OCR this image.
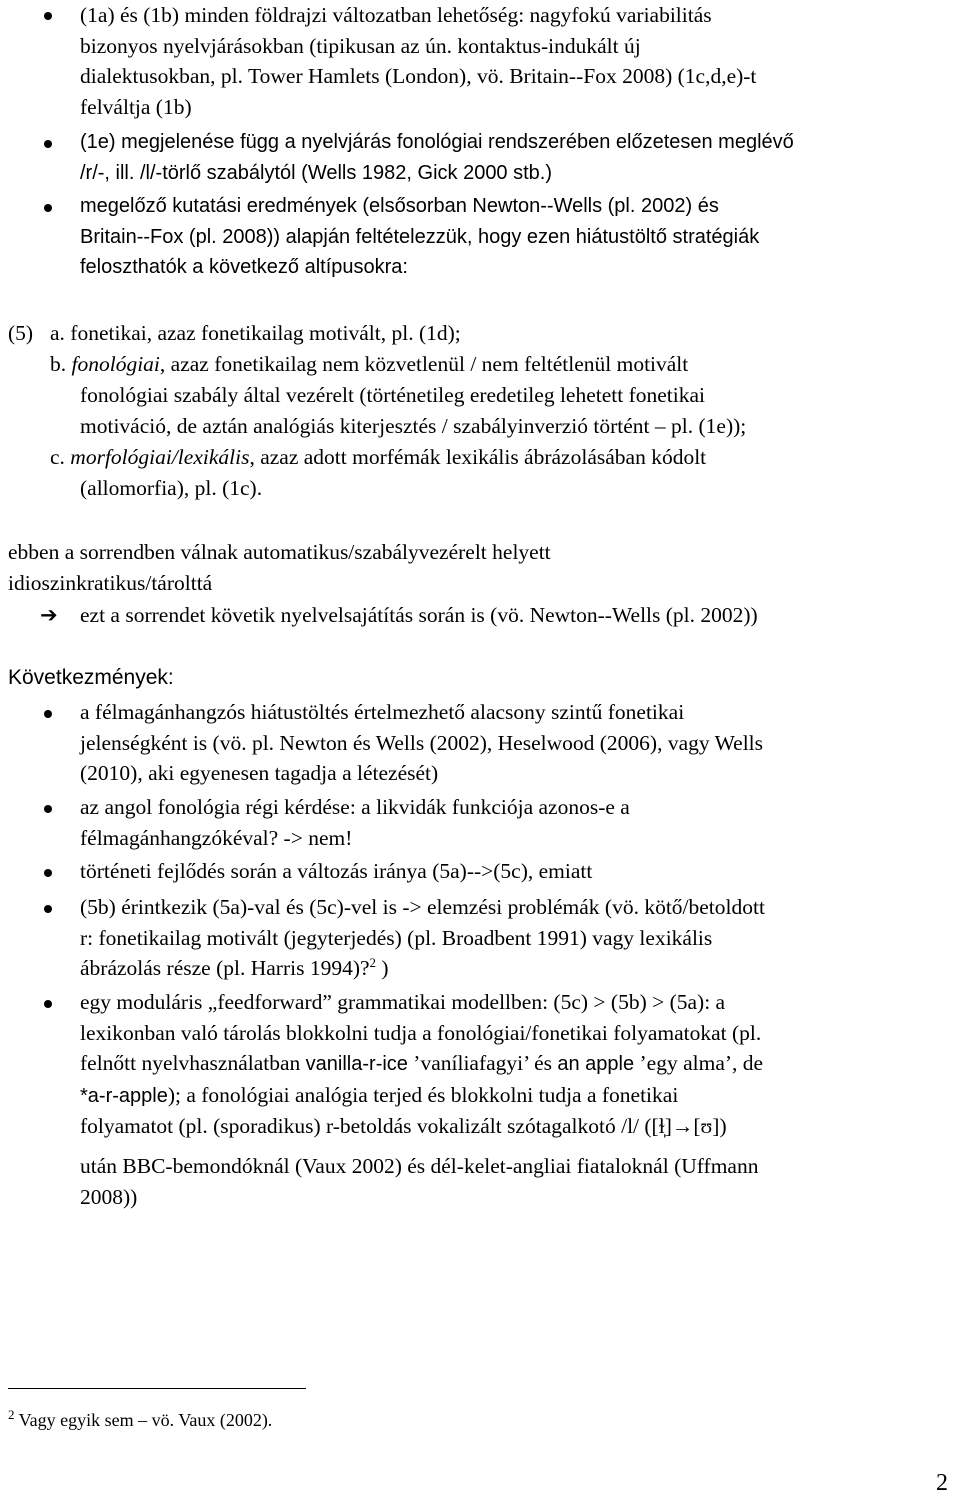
(1a) és (1b) minden földrajzi változatban lehetőség: nagyfokú variabilitás
bizonyos nyelvjárásokban (tipikusan az ún. kontaktus-indukált új
dialektusokban, pl. Tower Hamlets (London), vö. Britain--Fox 2008) (1c,d,e)-t
felváltja (1b)

(1e) megjelenése függ a nyelvjárás fonológiai rendszerében előzetesen meglévő
/r/-, ill. /l/-törlő szabálytól (Wells 1982, Gick 2000 stb.)

megelőző kutatási eredmények (elsősorban Newton--Wells (pl. 2002) és
Britain--Fox (pl. 2008)) alapján feltételezzük, hogy ezen hiátustöltő stratégiák
feloszthatók a következő altípusokra:

(5) a. fonetikai, azaz fonetikailag motivált, pl. (1d);

b. fonológiai, azaz fonetikailag nem közvetlenül / nem feltétlenül motivált

fonológiai szabály által vezérelt (történetileg eredetileg lehetett fonetikai

motiváció, de aztán analógiás kiterjesztés / szabályinverzió történt – pl. (1e));

c. morfológiai/lexikális, azaz adott morfémák lexikális ábrázolásában kódolt

(allomorfia), pl. (1c).

ebben a sorrendben válnak automatikus/szabályvezérelt helyett
idioszinkratikus/tárolttá

➔ ezt a sorrendet követik nyelvelsajátítás során is (vö. Newton--Wells (pl. 2002))

Következmények:

a félmagánhangzós hiátustöltés értelmezhető alacsony szintű fonetikai
jelenségként is (vö. pl. Newton és Wells (2002), Heselwood (2006), vagy Wells
(2010), aki egyenesen tagadja a létezését)

az angol fonológia régi kérdése: a likvidák funkciója azonos-e a
félmagánhangzókéval? -> nem!

történeti fejlődés során a változás iránya (5a)-->(5c), emiatt

(5b) érintkezik (5a)-val és (5c)-vel is -> elemzési problémák (vö. kötő/betoldott
r: fonetikailag motivált (jegyterjedés) (pl. Broadbent 1991) vagy lexikális
ábrázolás része (pl. Harris 1994)?$^2$ )

egy moduláris „feedforward” grammatikai modellben: (5c) > (5b) > (5a): a
lexikonban való tárolás blokkolni tudja a fonológiai/fonetikai folyamatokat (pl.
felnőtt nyelvhasználatban vanilla-r-ice ’vaníliafagyi’ és an apple ’egy alma’, de
*a-r-apple); a fonológiai analógia terjed és blokkolni tudja a fonetikai
folyamatot (pl. (sporadikus) r-betoldás vokalizált szótagalkotó /l/ ([ɫ̩]→[ʊ])

után BBC-bemondóknál (Vaux 2002) és dél-kelet-angliai fiataloknál (Uffmann
2008))

$^2$ Vagy egyik sem – vö. Vaux (2002).

2
